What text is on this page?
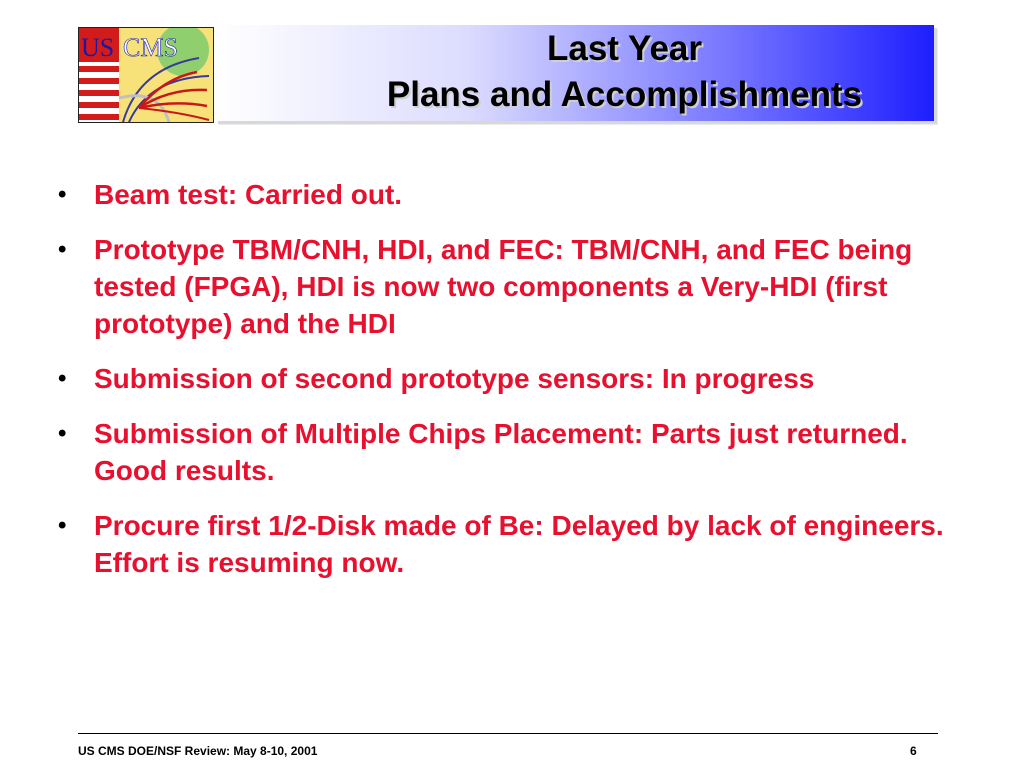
US CMS	Last Year
Plans and Accomplishments
• Beam test: Carried out.
• Prototype TBM/CNH, HDI, and FEC: TBM/CNH, and FEC being tested (FPGA), HDI is now two components a Very-HDI (first prototype) and the HDI
• Submission of second prototype sensors: In progress
• Submission of Multiple Chips Placement: Parts just returned. Good results.
• Procure first 1/2-Disk made of Be: Delayed by lack of engineers. Effort is resuming now.
US CMS DOE/NSF Review: May 8-10, 2001	6
